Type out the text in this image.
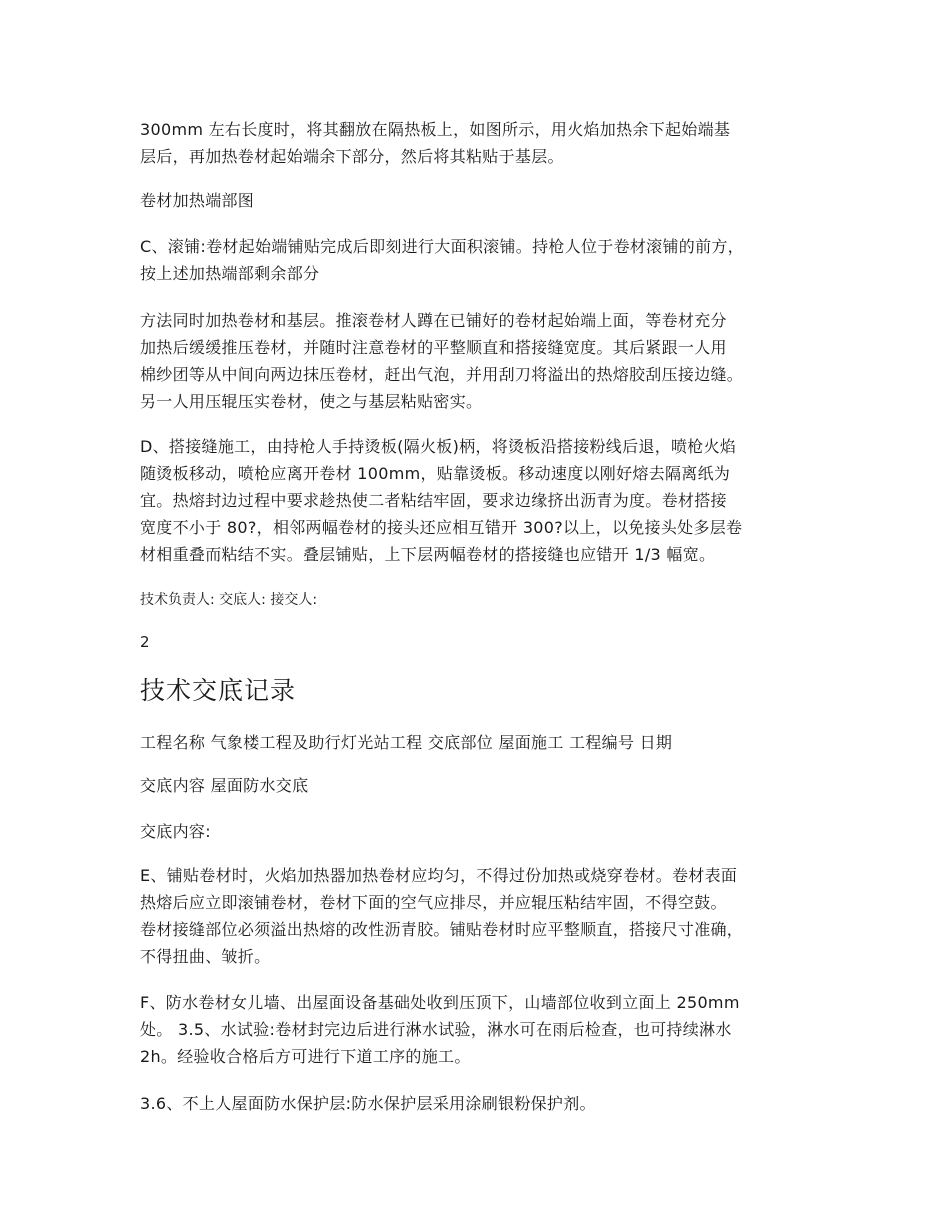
300mm 左右长度时，将其翻放在隔热板上，如图所示，用火焰加热余下起始端基
层后，再加热卷材起始端余下部分，然后将其粘贴于基层。
卷材加热端部图
C、滚铺:卷材起始端铺贴完成后即刻进行大面积滚铺。持枪人位于卷材滚铺的前方，
按上述加热端部剩余部分
方法同时加热卷材和基层。推滚卷材人蹲在已铺好的卷材起始端上面，等卷材充分
加热后缓缓推压卷材，并随时注意卷材的平整顺直和搭接缝宽度。其后紧跟一人用
棉纱团等从中间向两边抹压卷材，赶出气泡，并用刮刀将溢出的热熔胶刮压接边缝。
另一人用压辊压实卷材，使之与基层粘贴密实。
D、搭接缝施工，由持枪人手持烫板(隔火板)柄，将烫板沿搭接粉线后退，喷枪火焰
随烫板移动，喷枪应离开卷材 100mm，贴靠烫板。移动速度以刚好熔去隔离纸为
宜。热熔封边过程中要求趁热使二者粘结牢固，要求边缘挤出沥青为度。卷材搭接
宽度不小于 80?，相邻两幅卷材的接头还应相互错开 300?以上，以免接头处多层卷
材相重叠而粘结不实。叠层铺贴，上下层两幅卷材的搭接缝也应错开 1/3 幅宽。
技术负责人: 交底人: 接交人:
2
技术交底记录
工程名称 气象楼工程及助行灯光站工程 交底部位 屋面施工 工程编号 日期
交底内容 屋面防水交底
交底内容:
E、铺贴卷材时，火焰加热器加热卷材应均匀，不得过份加热或烧穿卷材。卷材表面
热熔后应立即滚铺卷材，卷材下面的空气应排尽，并应辊压粘结牢固，不得空鼓。
卷材接缝部位必须溢出热熔的改性沥青胶。铺贴卷材时应平整顺直，搭接尺寸准确，
不得扭曲、皱折。
F、防水卷材女儿墙、出屋面设备基础处收到压顶下，山墙部位收到立面上 250mm
处。 3.5、水试验:卷材封完边后进行淋水试验，淋水可在雨后检查，也可持续淋水
2h。经验收合格后方可进行下道工序的施工。
3.6、不上人屋面防水保护层:防水保护层采用涂刷银粉保护剂。
